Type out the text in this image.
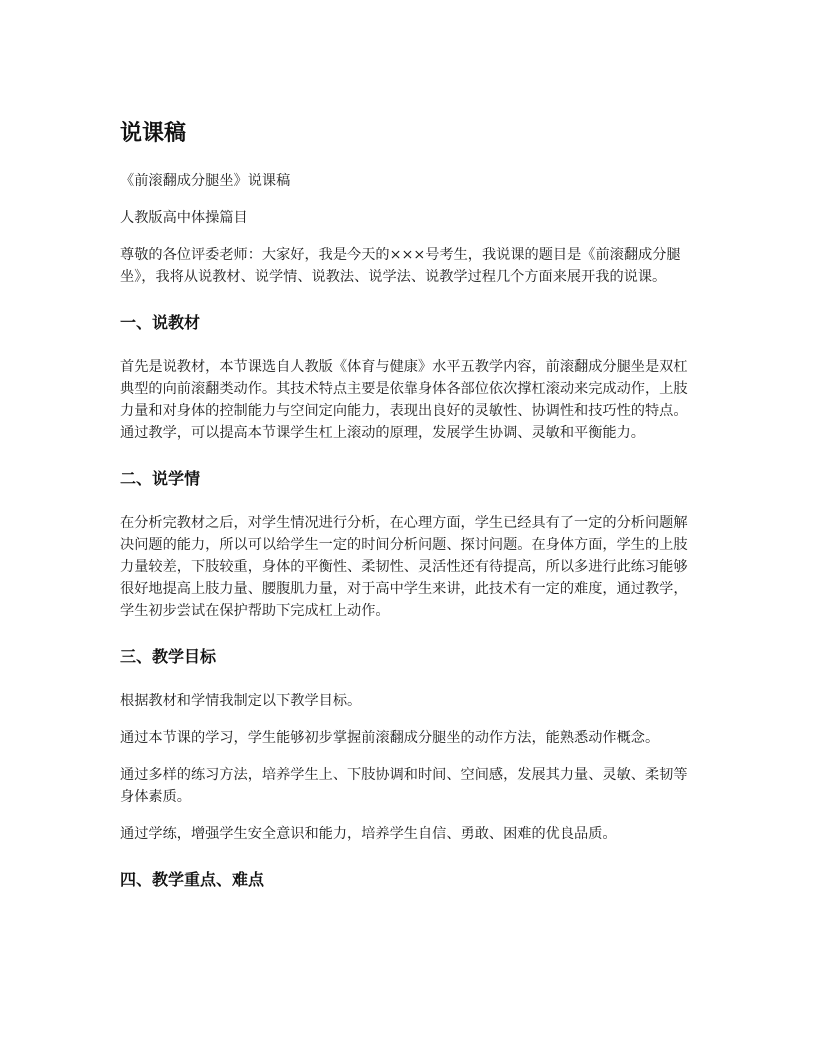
说课稿

《前滚翻成分腿坐》说课稿

人教版高中体操篇目

尊敬的各位评委老师：大家好，我是今天的×××号考生，我说课的题目是《前滚翻成分腿坐》，我将从说教材、说学情、说教法、说学法、说教学过程几个方面来展开我的说课。

一、说教材

首先是说教材，本节课选自人教版《体育与健康》水平五教学内容，前滚翻成分腿坐是双杠典型的向前滚翻类动作。其技术特点主要是依靠身体各部位依次撑杠滚动来完成动作，上肢力量和对身体的控制能力与空间定向能力，表现出良好的灵敏性、协调性和技巧性的特点。通过教学，可以提高本节课学生杠上滚动的原理，发展学生协调、灵敏和平衡能力。

二、说学情

在分析完教材之后，对学生情况进行分析，在心理方面，学生已经具有了一定的分析问题解决问题的能力，所以可以给学生一定的时间分析问题、探讨问题。在身体方面，学生的上肢力量较差，下肢较重，身体的平衡性、柔韧性、灵活性还有待提高，所以多进行此练习能够很好地提高上肢力量、腰腹肌力量，对于高中学生来讲，此技术有一定的难度，通过教学，学生初步尝试在保护帮助下完成杠上动作。

三、教学目标

根据教材和学情我制定以下教学目标。

通过本节课的学习，学生能够初步掌握前滚翻成分腿坐的动作方法，能熟悉动作概念。

通过多样的练习方法，培养学生上、下肢协调和时间、空间感，发展其力量、灵敏、柔韧等身体素质。

通过学练，增强学生安全意识和能力，培养学生自信、勇敢、困难的优良品质。

四、教学重点、难点
